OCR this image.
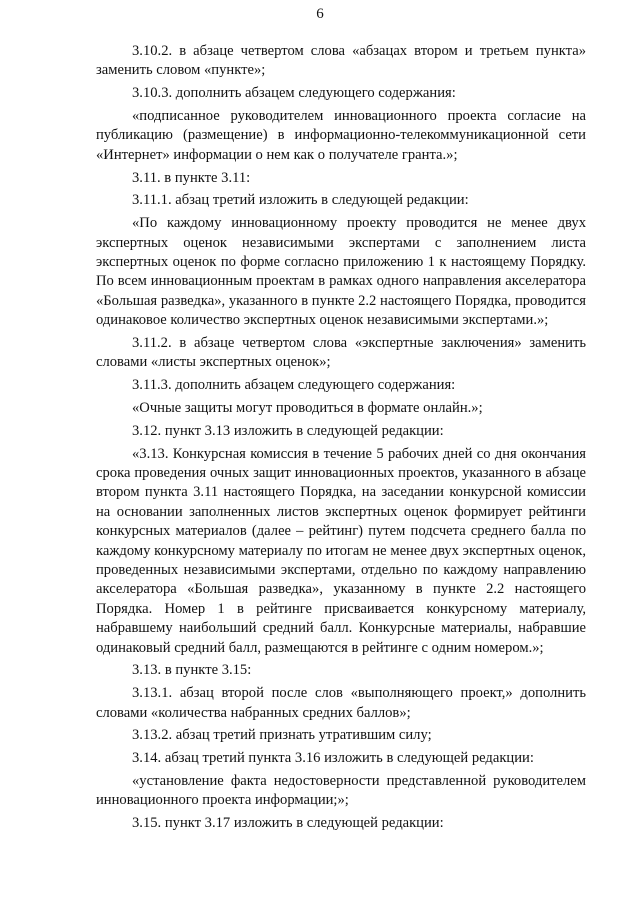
6

3.10.2. в абзаце четвертом слова «абзацах втором и третьем пункта» заменить словом «пункте»;

3.10.3. дополнить абзацем следующего содержания:

«подписанное руководителем инновационного проекта согласие на публикацию (размещение) в информационно-телекоммуникационной сети «Интернет» информации о нем как о получателе гранта.»;

3.11. в пункте 3.11:

3.11.1. абзац третий изложить в следующей редакции:

«По каждому инновационному проекту проводится не менее двух экспертных оценок независимыми экспертами с заполнением листа экспертных оценок по форме согласно приложению 1 к настоящему Порядку. По всем инновационным проектам в рамках одного направления акселератора «Большая разведка», указанного в пункте 2.2 настоящего Порядка, проводится одинаковое количество экспертных оценок независимыми экспертами.»;

3.11.2. в абзаце четвертом слова «экспертные заключения» заменить словами «листы экспертных оценок»;

3.11.3. дополнить абзацем следующего содержания:

«Очные защиты могут проводиться в формате онлайн.»;

3.12. пункт 3.13 изложить в следующей редакции:

«3.13. Конкурсная комиссия в течение 5 рабочих дней со дня окончания срока проведения очных защит инновационных проектов, указанного в абзаце втором пункта 3.11 настоящего Порядка, на заседании конкурсной комиссии на основании заполненных листов экспертных оценок формирует рейтинги конкурсных материалов (далее – рейтинг) путем подсчета среднего балла по каждому конкурсному материалу по итогам не менее двух экспертных оценок, проведенных независимыми экспертами, отдельно по каждому направлению акселератора «Большая разведка», указанному в пункте 2.2 настоящего Порядка. Номер 1 в рейтинге присваивается конкурсному материалу, набравшему наибольший средний балл. Конкурсные материалы, набравшие одинаковый средний балл, размещаются в рейтинге с одним номером.»;

3.13. в пункте 3.15:

3.13.1. абзац второй после слов «выполняющего проект,» дополнить словами «количества набранных средних баллов»;

3.13.2. абзац третий признать утратившим силу;

3.14. абзац третий пункта 3.16 изложить в следующей редакции:

«установление факта недостоверности представленной руководителем инновационного проекта информации;»;

3.15. пункт 3.17 изложить в следующей редакции:
